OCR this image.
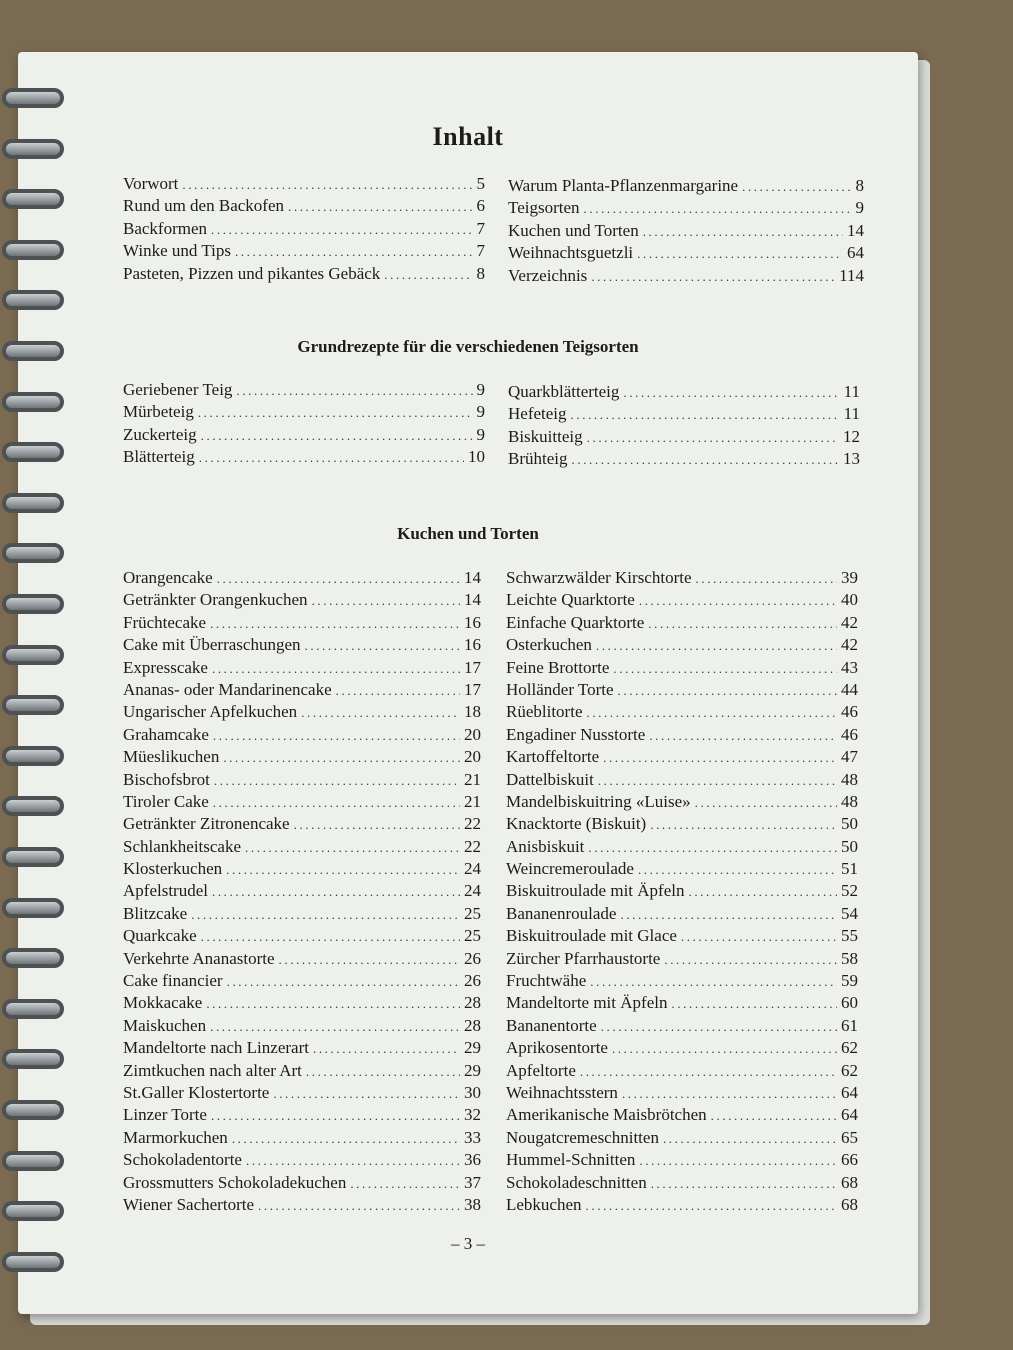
Inhalt
Vorwort .....	5
Rund um den Backofen .....	6
Backformen .....	7
Winke und Tips .....	7
Pasteten, Pizzen und pikantes Gebäck .....	8
Warum Planta-Pflanzenmargarine .....	8
Teigsorten .....	9
Kuchen und Torten .....	14
Weihnachtsguetzli .....	64
Verzeichnis .....	114
Grundrezepte für die verschiedenen Teigsorten
Geriebener Teig .....	9
Mürbeteig .....	9
Zuckerteig .....	9
Blätterteig .....	10
Quarkblätterteig .....	11
Hefeteig .....	11
Biskuitteig .....	12
Brühteig .....	13
Kuchen und Torten
Orangencake .....	14
Getränkter Orangenkuchen .....	14
Früchtecake .....	16
Cake mit Überraschungen .....	16
Expresscake .....	17
Ananas- oder Mandarinencake .....	17
Ungarischer Apfelkuchen .....	18
Grahamcake .....	20
Müeslikuchen .....	20
Bischofsbrot .....	21
Tiroler Cake .....	21
Getränkter Zitronencake .....	22
Schlankheitscake .....	22
Klosterkuchen .....	24
Apfelstrudel .....	24
Blitzcake .....	25
Quarkcake .....	25
Verkehrte Ananastorte .....	26
Cake financier .....	26
Mokkacake .....	28
Maiskuchen .....	28
Mandeltorte nach Linzerart .....	29
Zimtkuchen nach alter Art .....	29
St.Galler Klostertorte .....	30
Linzer Torte .....	32
Marmorkuchen .....	33
Schokoladentorte .....	36
Grossmutters Schokoladekuchen .....	37
Wiener Sachertorte .....	38
Schwarzwälder Kirschtorte .....	39
Leichte Quarktorte .....	40
Einfache Quarktorte .....	42
Osterkuchen .....	42
Feine Brottorte .....	43
Holländer Torte .....	44
Rüeblitorte .....	46
Engadiner Nusstorte .....	46
Kartoffeltorte .....	47
Dattelbiskuit .....	48
Mandelbiskuitring «Luise» .....	48
Knacktorte (Biskuit) .....	50
Anisbiskuit .....	50
Weincremeroulade .....	51
Biskuitroulade mit Äpfeln .....	52
Bananenroulade .....	54
Biskuitroulade mit Glace .....	55
Zürcher Pfarrhaustorte .....	58
Fruchtwähe .....	59
Mandeltorte mit Äpfeln .....	60
Bananentorte .....	61
Aprikosentorte .....	62
Apfeltorte .....	62
Weihnachtsstern .....	64
Amerikanische Maisbrötchen .....	64
Nougatcremeschnitten .....	65
Hummel-Schnitten .....	66
Schokoladeschnitten .....	68
Lebkuchen .....	68
– 3 –
